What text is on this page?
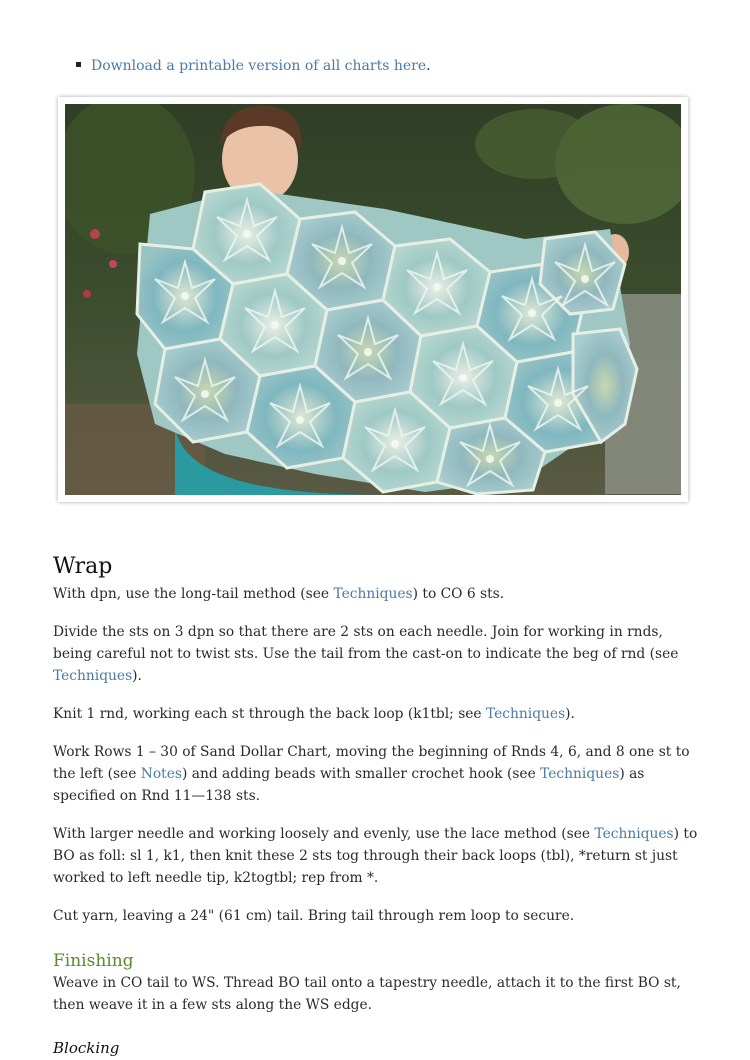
Download a printable version of all charts here.
Wrap

With dpn, use the long-tail method (see Techniques) to CO 6 sts.

Divide the sts on 3 dpn so that there are 2 sts on each needle. Join for working in rnds, being careful not to twist sts. Use the tail from the cast-on to indicate the beg of rnd (see Techniques).

Knit 1 rnd, working each st through the back loop (k1tbl; see Techniques).

Work Rows 1 – 30 of Sand Dollar Chart, moving the beginning of Rnds 4, 6, and 8 one st to the left (see Notes) and adding beads with smaller crochet hook (see Techniques) as specified on Rnd 11—138 sts.

With larger needle and working loosely and evenly, use the lace method (see Techniques) to BO as foll: sl 1, k1, then knit these 2 sts tog through their back loops (tbl), *return st just worked to left needle tip, k2togtbl; rep from *.

Cut yarn, leaving a 24" (61 cm) tail. Bring tail through rem loop to secure.

Finishing

Weave in CO tail to WS. Thread BO tail onto a tapestry needle, attach it to the first BO st, then weave it in a few sts along the WS edge.

Blocking
